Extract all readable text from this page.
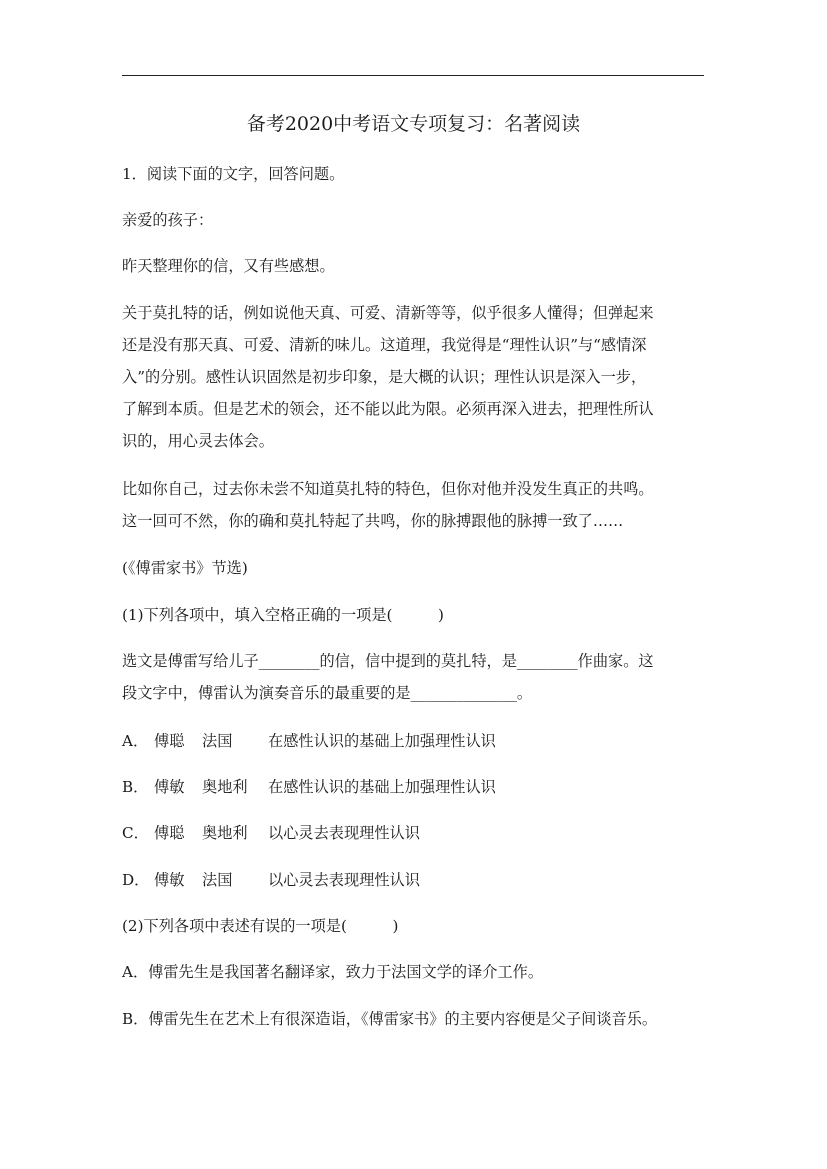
备考2020中考语文专项复习：名著阅读

1．阅读下面的文字，回答问题。

亲爱的孩子：

昨天整理你的信，又有些感想。

关于莫扎特的话，例如说他天真、可爱、清新等等，似乎很多人懂得；但弹起来

还是没有那天真、可爱、清新的味儿。这道理，我觉得是“理性认识”与“感情深

入”的分别。感性认识固然是初步印象，是大概的认识；理性认识是深入一步，

了解到本质。但是艺术的领会，还不能以此为限。必须再深入进去，把理性所认

识的，用心灵去体会。

比如你自己，过去你未尝不知道莫扎特的特色，但你对他并没发生真正的共鸣。

这一回可不然，你的确和莫扎特起了共鸣，你的脉搏跟他的脉搏一致了……

(《傅雷家书》节选)

(1)下列各项中，填入空格正确的一项是(　　　)

选文是傅雷写给儿子________的信，信中提到的莫扎特，是________作曲家。这

段文字中，傅雷认为演奏音乐的最重要的是______________。

A． 傅聪 法国 在感性认识的基础上加强理性认识
B． 傅敏 奥地利 在感性认识的基础上加强理性认识
C． 傅聪 奥地利 以心灵去表现理性认识
D． 傅敏 法国 以心灵去表现理性认识

(2)下列各项中表述有误的一项是(　　　)

A．傅雷先生是我国著名翻译家，致力于法国文学的译介工作。

B．傅雷先生在艺术上有很深造诣，《傅雷家书》的主要内容便是父子间谈音乐。
